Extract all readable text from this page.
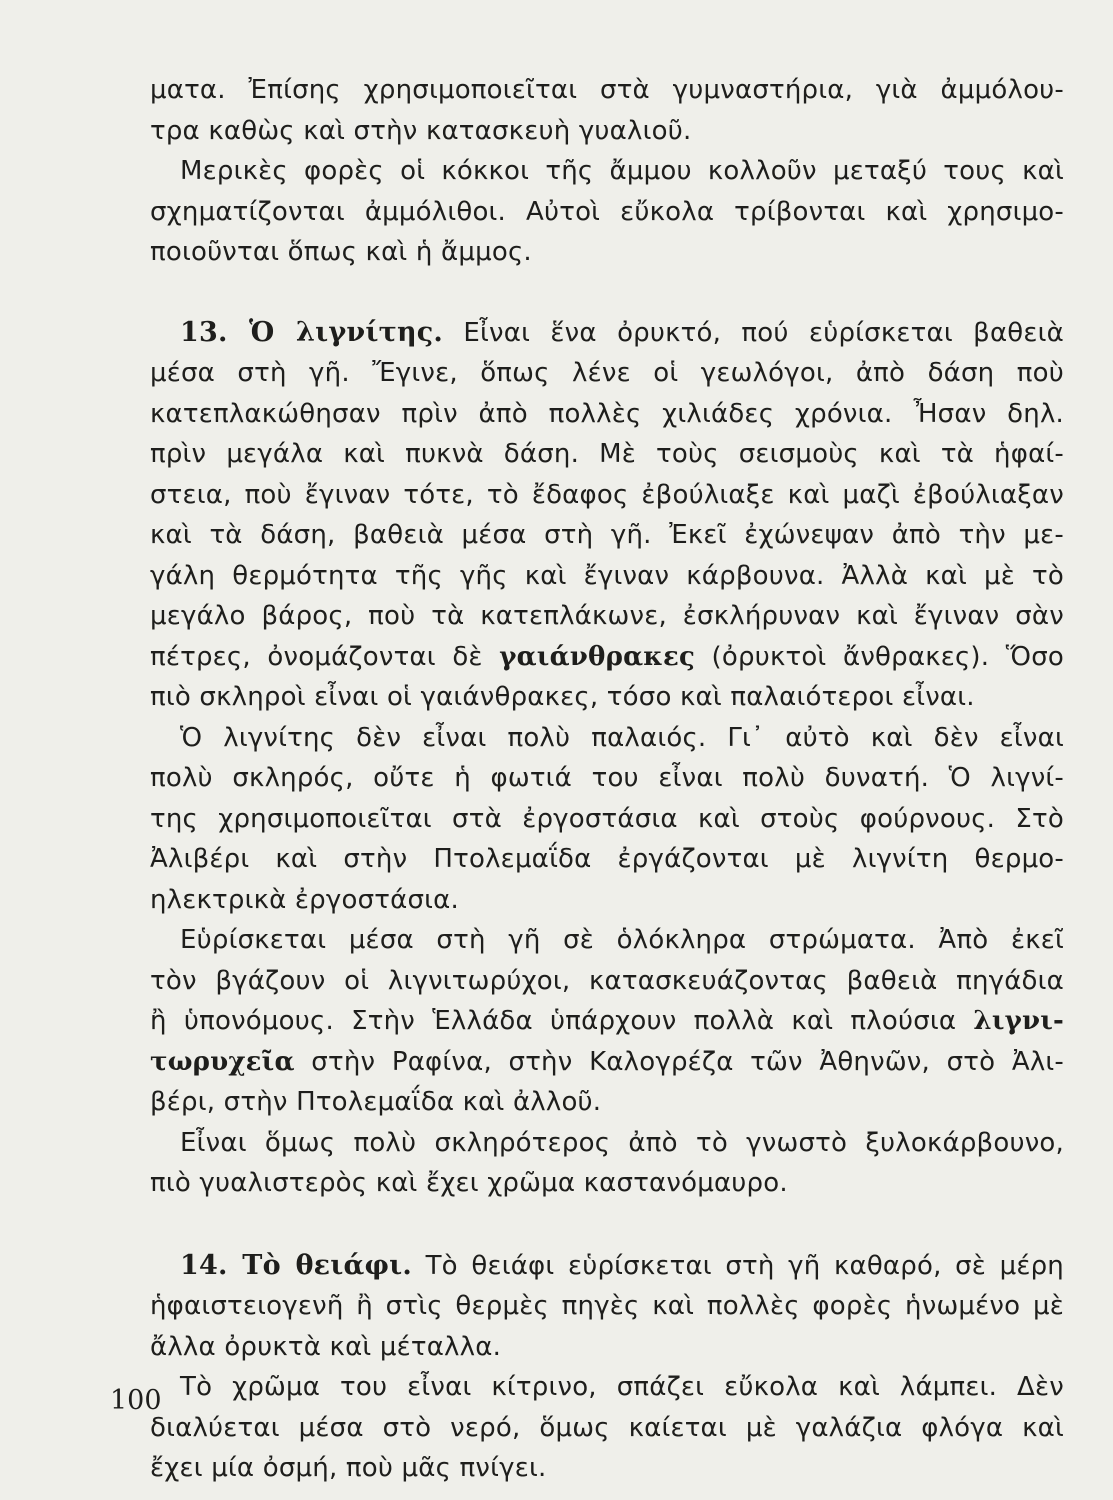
ματα. Ἐπίσης χρησιμοποιεῖται στὰ γυμναστήρια, γιὰ ἀμμόλου-
τρα καθὼς καὶ στὴν κατασκευὴ γυαλιοῦ.
Μερικὲς φορὲς οἱ κόκκοι τῆς ἄμμου κολλοῦν μεταξύ τους καὶ
σχηματίζονται ἀμμόλιθοι. Αὐτοὶ εὔκολα τρίβονται καὶ χρησιμο-
ποιοῦνται ὅπως καὶ ἡ ἄμμος.
13. Ὁ λιγνίτης. Εἶναι ἕνα ὀρυκτό, πού εὑρίσκεται βαθειὰ
μέσα στὴ γῆ. Ἔγινε, ὅπως λένε οἱ γεωλόγοι, ἀπὸ δάση ποὺ
κατεπλακώθησαν πρὶν ἀπὸ πολλὲς χιλιάδες χρόνια. Ἦσαν δηλ.
πρὶν μεγάλα καὶ πυκνὰ δάση. Μὲ τοὺς σεισμοὺς καὶ τὰ ἡφαί-
στεια, ποὺ ἔγιναν τότε, τὸ ἔδαφος ἐβούλιαξε καὶ μαζὶ ἐβούλιαξαν
καὶ τὰ δάση, βαθειὰ μέσα στὴ γῆ. Ἐκεῖ ἐχώνεψαν ἀπὸ τὴν με-
γάλη θερμότητα τῆς γῆς καὶ ἔγιναν κάρβουνα. Ἀλλὰ καὶ μὲ τὸ
μεγάλο βάρος, ποὺ τὰ κατεπλάκωνε, ἐσκλήρυναν καὶ ἔγιναν σὰν
πέτρες, ὀνομάζονται δὲ γαιάνθρακες (ὀρυκτοὶ ἄνθρακες). Ὅσο
πιὸ σκληροὶ εἶναι οἱ γαιάνθρακες, τόσο καὶ παλαιότεροι εἶναι.
Ὁ λιγνίτης δὲν εἶναι πολὺ παλαιός. Γι᾽ αὐτὸ καὶ δὲν εἶναι
πολὺ σκληρός, οὔτε ἡ φωτιά του εἶναι πολὺ δυνατή. Ὁ λιγνί-
της χρησιμοποιεῖται στὰ ἐργοστάσια καὶ στοὺς φούρνους. Στὸ
Ἀλιβέρι καὶ στὴν Πτολεμαΐδα ἐργάζονται μὲ λιγνίτη θερμο-
ηλεκτρικὰ ἐργοστάσια.
Εὑρίσκεται μέσα στὴ γῆ σὲ ὁλόκληρα στρώματα. Ἀπὸ ἐκεῖ
τὸν βγάζουν οἱ λιγνιτωρύχοι, κατασκευάζοντας βαθειὰ πηγάδια
ἢ ὑπονόμους. Στὴν Ἑλλάδα ὑπάρχουν πολλὰ καὶ πλούσια λιγνι-
τωρυχεῖα στὴν Ραφίνα, στὴν Καλογρέζα τῶν Ἀθηνῶν, στὸ Ἀλι-
βέρι, στὴν Πτολεμαΐδα καὶ ἀλλοῦ.
Εἶναι ὅμως πολὺ σκληρότερος ἀπὸ τὸ γνωστὸ ξυλοκάρβουνο,
πιὸ γυαλιστερὸς καὶ ἔχει χρῶμα καστανόμαυρο.
14. Τὸ θειάφι. Τὸ θειάφι εὑρίσκεται στὴ γῆ καθαρό, σὲ μέρη
ἡφαιστειογενῆ ἢ στὶς θερμὲς πηγὲς καὶ πολλὲς φορὲς ἡνωμένο μὲ
ἄλλα ὀρυκτὰ καὶ μέταλλα.
Τὸ χρῶμα του εἶναι κίτρινο, σπάζει εὔκολα καὶ λάμπει. Δὲν
διαλύεται μέσα στὸ νερό, ὅμως καίεται μὲ γαλάζια φλόγα καὶ
ἔχει μία ὀσμή, ποὺ μᾶς πνίγει.
100
